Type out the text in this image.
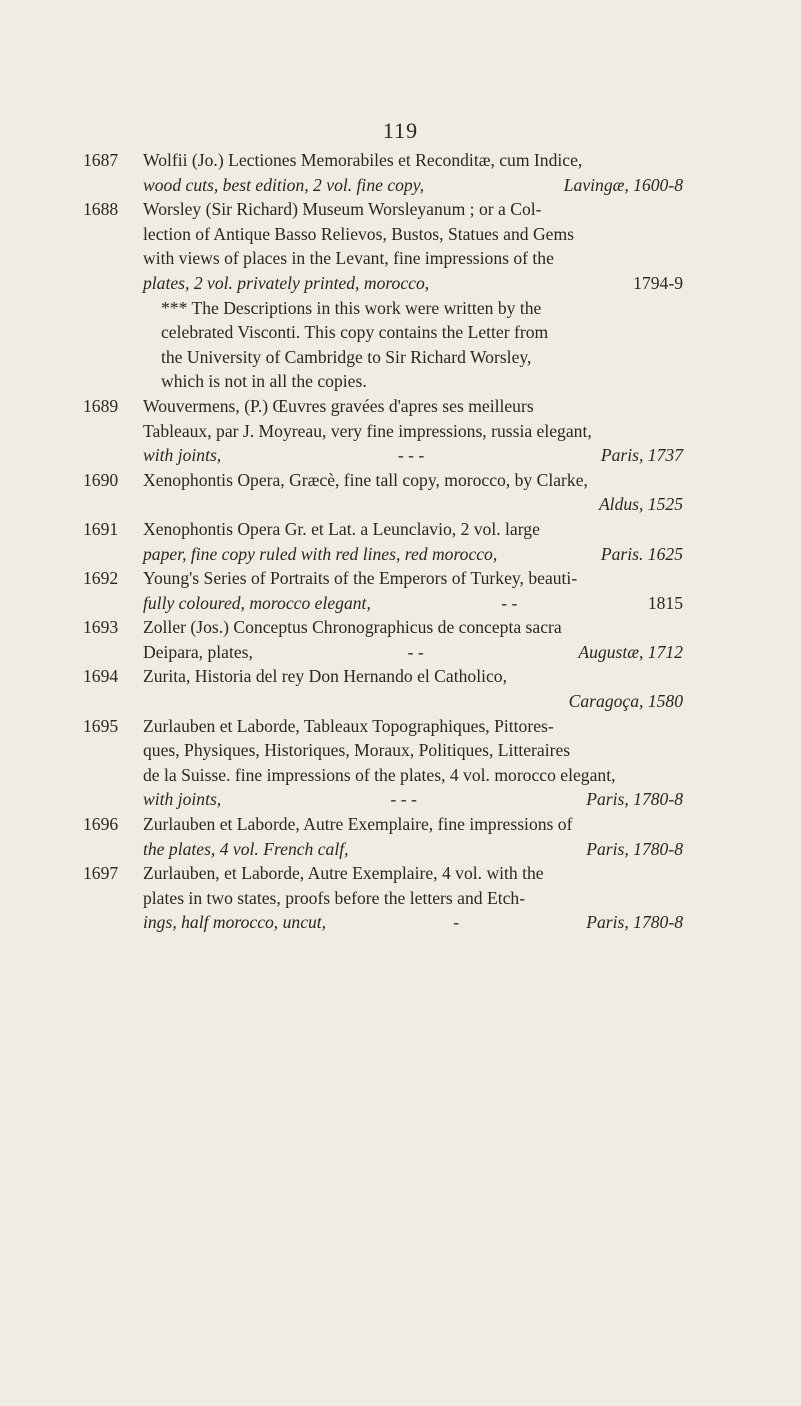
119
1687 Wolfii (Jo.) Lectiones Memorabiles et Reconditæ, cum Indice,
wood cuts, best edition, 2 vol. fine copy,	Lavingæ, 1600-8
1688 Worsley (Sir Richard) Museum Worsleyanum ; or a Col-
lection of Antique Basso Relievos, Bustos, Statues and Gems
with views of places in the Levant, fine impressions of the
plates, 2 vol. privately printed, morocco,	1794-9
*** The Descriptions in this work were written by the
celebrated Visconti. This copy contains the Letter from
the University of Cambridge to Sir Richard Worsley,
which is not in all the copies.
1689 Wouvermens, (P.) Œuvres gravées d'apres ses meilleurs
Tableaux, par J. Moyreau, very fine impressions, russia elegant,
with joints,	- - -	Paris, 1737
1690 Xenophontis Opera, Græcè, fine tall copy, morocco, by Clarke,
Aldus, 1525
1691 Xenophontis Opera Gr. et Lat. a Leunclavio, 2 vol. large
paper, fine copy ruled with red lines, red morocco,	Paris. 1625
1692 Young's Series of Portraits of the Emperors of Turkey, beauti-
fully coloured, morocco elegant,	- -	1815
1693 Zoller (Jos.) Conceptus Chronographicus de concepta sacra
Deipara, plates,	- -	Augustæ, 1712
1694 Zurita, Historia del rey Don Hernando el Catholico,
Caragoça, 1580
1695 Zurlauben et Laborde, Tableaux Topographiques, Pittores-
ques, Physiques, Historiques, Moraux, Politiques, Litteraires
de la Suisse. fine impressions of the plates, 4 vol. morocco elegant,
with joints,	- - -	Paris, 1780-8
1696 Zurlauben et Laborde, Autre Exemplaire, fine impressions of
the plates, 4 vol. French calf,	Paris, 1780-8
1697 Zurlauben, et Laborde, Autre Exemplaire, 4 vol. with the
plates in two states, proofs before the letters and Etch-
ings, half morocco, uncut,	-	Paris, 1780-8
